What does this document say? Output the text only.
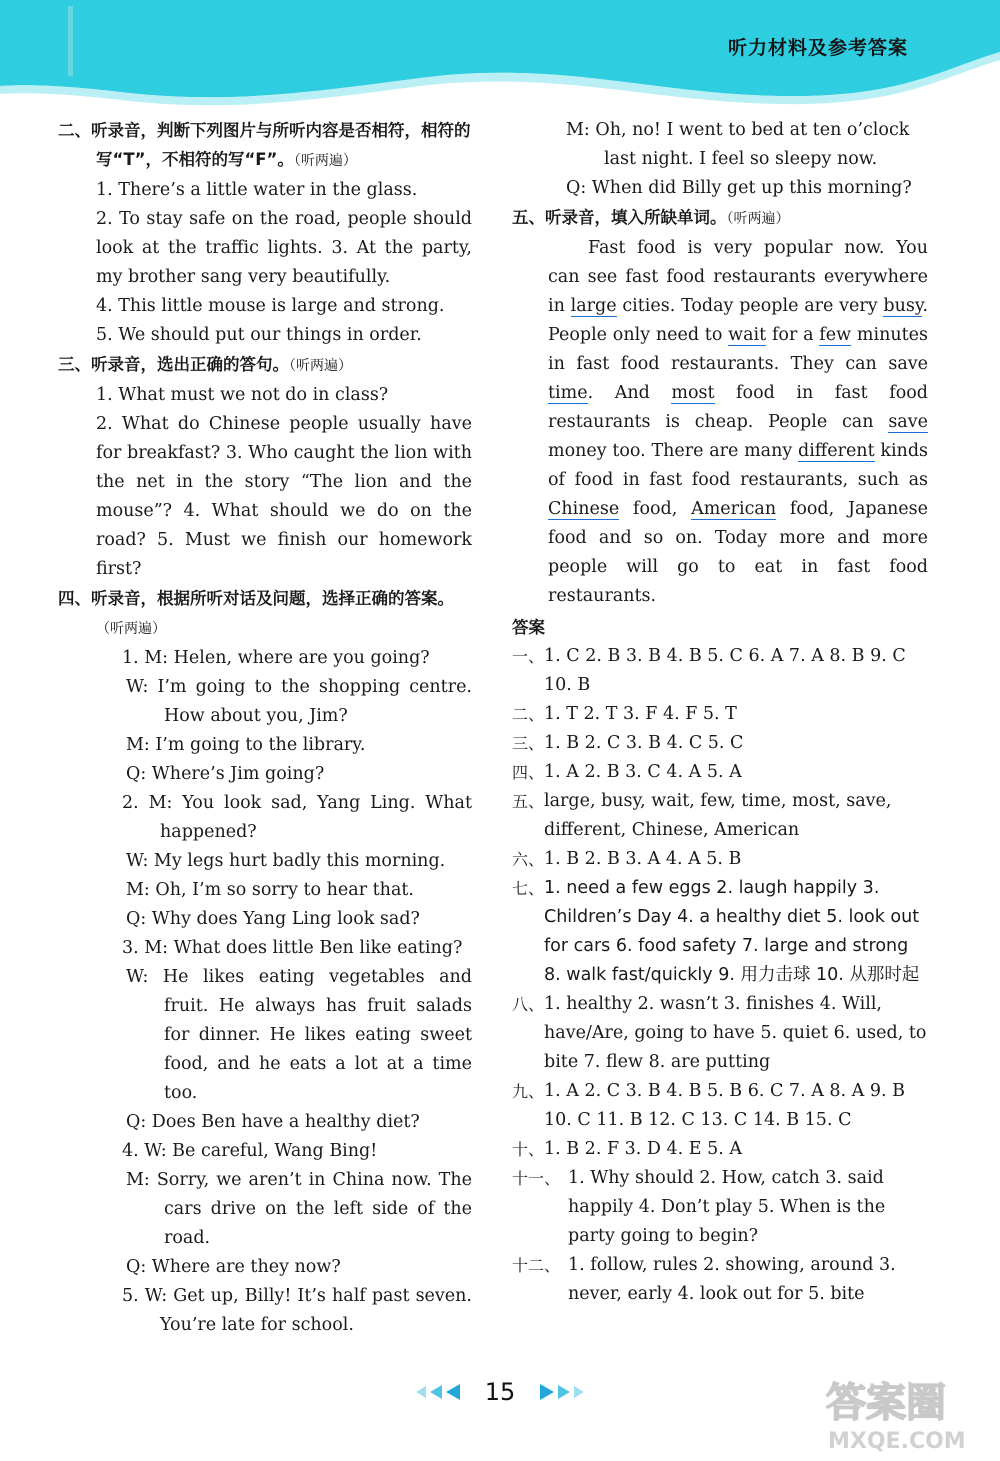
听力材料及参考答案

二、听录音，判断下列图片与所听内容是否相符，相符的写“T”，不相符的写“F”。（听两遍）

1. There’s a little water in the glass.

2. To stay safe on the road, people should look at the traffic lights. 3. At the party, my brother sang very beautifully.

4. This little mouse is large and strong.

5. We should put our things in order.

三、听录音，选出正确的答句。（听两遍）

1. What must we not do in class?

2. What do Chinese people usually have for breakfast? 3. Who caught the lion with the net in the story “The lion and the mouse”? 4. What should we do on the road? 5. Must we finish our homework first?

四、听录音，根据所听对话及问题，选择正确的答案。（听两遍）

1. M: Helen, where are you going?

W: I’m going to the shopping centre. How about you, Jim?

M: I’m going to the library.

Q: Where’s Jim going?

2. M: You look sad, Yang Ling. What happened?

W: My legs hurt badly this morning.

M: Oh, I’m so sorry to hear that.

Q: Why does Yang Ling look sad?

3. M: What does little Ben like eating?

W: He likes eating vegetables and fruit. He always has fruit salads for dinner. He likes eating sweet food, and he eats a lot at a time too.

Q: Does Ben have a healthy diet?

4. W: Be careful, Wang Bing!

M: Sorry, we aren’t in China now. The cars drive on the left side of the road.

Q: Where are they now?

5. W: Get up, Billy! It’s half past seven. You’re late for school.

M: Oh, no! I went to bed at ten o’clock last night. I feel so sleepy now.

Q: When did Billy get up this morning?

五、听录音，填入所缺单词。（听两遍）

Fast food is very popular now. You can see fast food restaurants everywhere in large cities. Today people are very busy. People only need to wait for a few minutes in fast food restaurants. They can save time. And most food in fast food restaurants is cheap. People can save money too. There are many different kinds of food in fast food restaurants, such as Chinese food, American food, Japanese food and so on. Today more and more people will go to eat in fast food restaurants.

答案

一、 1. C 2. B 3. B 4. B 5. C 6. A 7. A 8. B 9. C 10. B
二、 1. T 2. T 3. F 4. F 5. T
三、 1. B 2. C 3. B 4. C 5. C
四、 1. A 2. B 3. C 4. A 5. A
五、 large, busy, wait, few, time, most, save, different, Chinese, American
六、 1. B 2. B 3. A 4. A 5. B
七、 1. need a few eggs 2. laugh happily 3. Children’s Day 4. a healthy diet 5. look out for cars 6. food safety 7. large and strong 8. walk fast/quickly 9. 用力击球 10. 从那时起
八、 1. healthy 2. wasn’t 3. finishes 4. Will, have/Are, going to have 5. quiet 6. used, to bite 7. flew 8. are putting
九、 1. A 2. C 3. B 4. B 5. B 6. C 7. A 8. A 9. B 10. C 11. B 12. C 13. C 14. B 15. C
十、 1. B 2. F 3. D 4. E 5. A
十一、 1. Why should 2. How, catch 3. said happily 4. Don’t play 5. When is the party going to begin?
十二、 1. follow, rules 2. showing, around 3. never, early 4. look out for 5. bite
15	答案圈
MXQE.COM
